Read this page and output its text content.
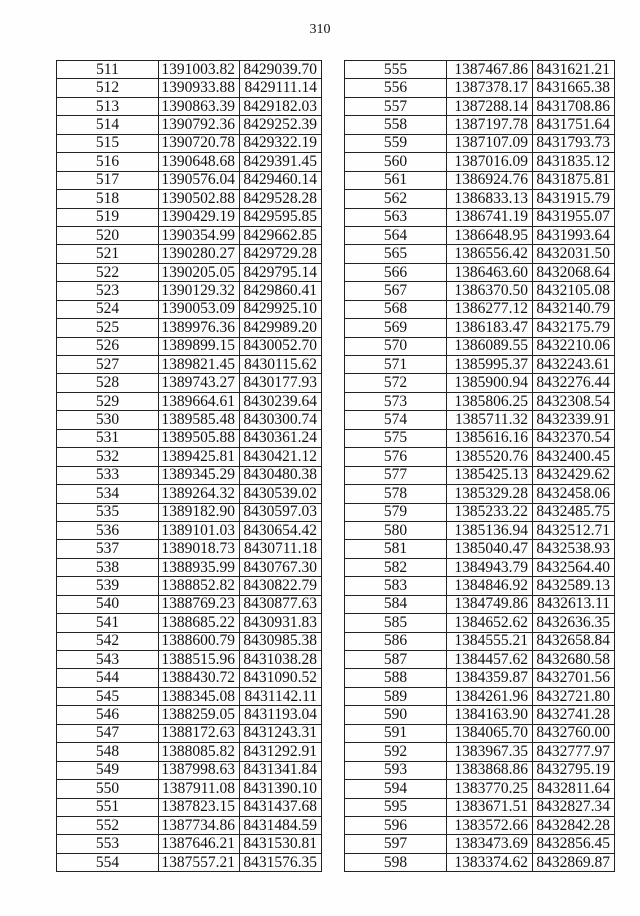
310
511	1391003.82	8429039.70
512	1390933.88	8429111.14
513	1390863.39	8429182.03
514	1390792.36	8429252.39
515	1390720.78	8429322.19
516	1390648.68	8429391.45
517	1390576.04	8429460.14
518	1390502.88	8429528.28
519	1390429.19	8429595.85
520	1390354.99	8429662.85
521	1390280.27	8429729.28
522	1390205.05	8429795.14
523	1390129.32	8429860.41
524	1390053.09	8429925.10
525	1389976.36	8429989.20
526	1389899.15	8430052.70
527	1389821.45	8430115.62
528	1389743.27	8430177.93
529	1389664.61	8430239.64
530	1389585.48	8430300.74
531	1389505.88	8430361.24
532	1389425.81	8430421.12
533	1389345.29	8430480.38
534	1389264.32	8430539.02
535	1389182.90	8430597.03
536	1389101.03	8430654.42
537	1389018.73	8430711.18
538	1388935.99	8430767.30
539	1388852.82	8430822.79
540	1388769.23	8430877.63
541	1388685.22	8430931.83
542	1388600.79	8430985.38
543	1388515.96	8431038.28
544	1388430.72	8431090.52
545	1388345.08	8431142.11
546	1388259.05	8431193.04
547	1388172.63	8431243.31
548	1388085.82	8431292.91
549	1387998.63	8431341.84
550	1387911.08	8431390.10
551	1387823.15	8431437.68
552	1387734.86	8431484.59
553	1387646.21	8431530.81
554	1387557.21	8431576.35
555	1387467.86	8431621.21
556	1387378.17	8431665.38
557	1387288.14	8431708.86
558	1387197.78	8431751.64
559	1387107.09	8431793.73
560	1387016.09	8431835.12
561	1386924.76	8431875.81
562	1386833.13	8431915.79
563	1386741.19	8431955.07
564	1386648.95	8431993.64
565	1386556.42	8432031.50
566	1386463.60	8432068.64
567	1386370.50	8432105.08
568	1386277.12	8432140.79
569	1386183.47	8432175.79
570	1386089.55	8432210.06
571	1385995.37	8432243.61
572	1385900.94	8432276.44
573	1385806.25	8432308.54
574	1385711.32	8432339.91
575	1385616.16	8432370.54
576	1385520.76	8432400.45
577	1385425.13	8432429.62
578	1385329.28	8432458.06
579	1385233.22	8432485.75
580	1385136.94	8432512.71
581	1385040.47	8432538.93
582	1384943.79	8432564.40
583	1384846.92	8432589.13
584	1384749.86	8432613.11
585	1384652.62	8432636.35
586	1384555.21	8432658.84
587	1384457.62	8432680.58
588	1384359.87	8432701.56
589	1384261.96	8432721.80
590	1384163.90	8432741.28
591	1384065.70	8432760.00
592	1383967.35	8432777.97
593	1383868.86	8432795.19
594	1383770.25	8432811.64
595	1383671.51	8432827.34
596	1383572.66	8432842.28
597	1383473.69	8432856.45
598	1383374.62	8432869.87
